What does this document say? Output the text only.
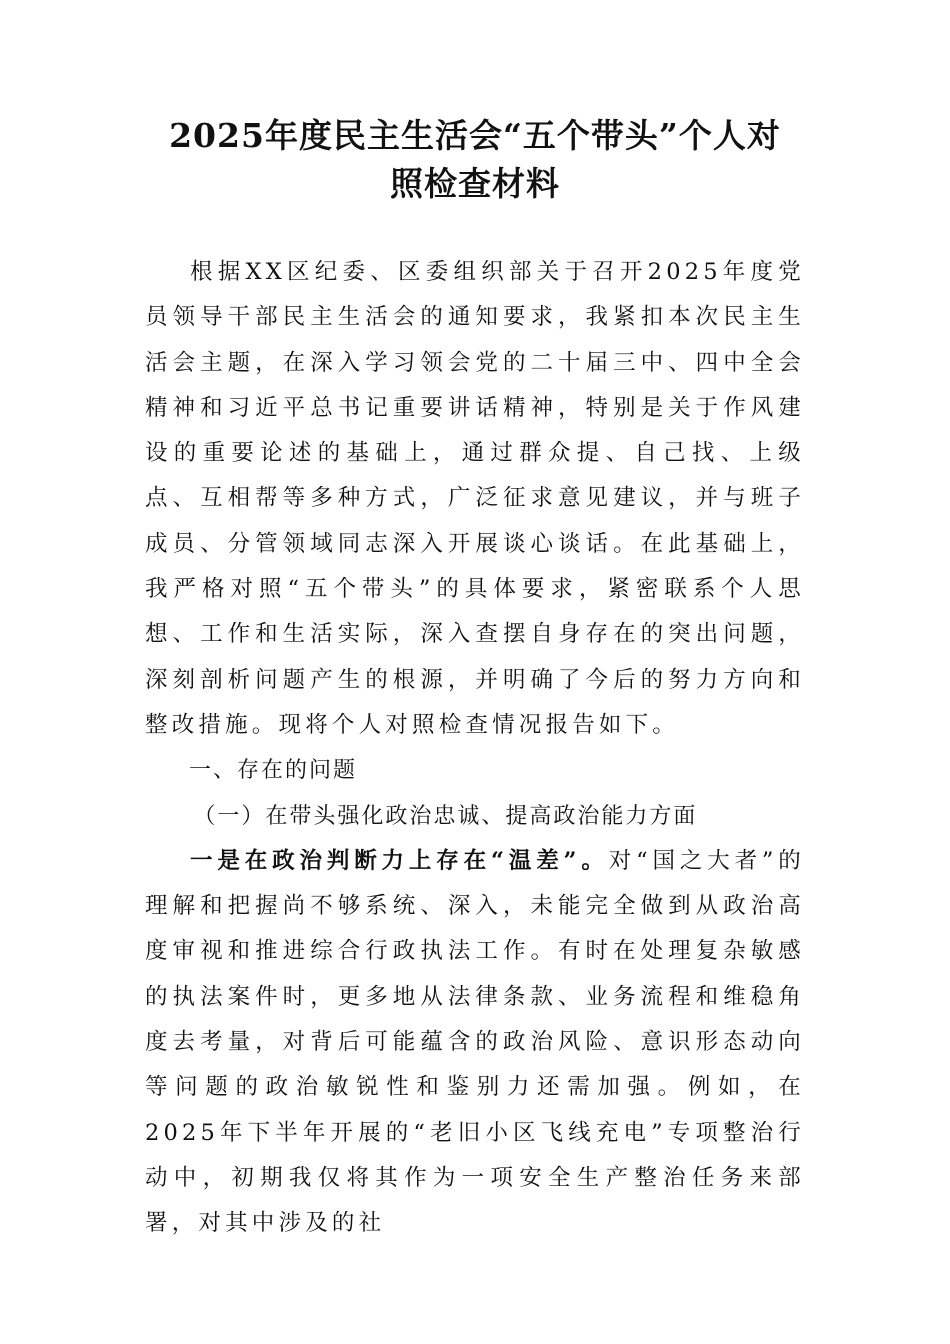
2025年度民主生活会“五个带头”个人对
照检查材料

根据XX区纪委、区委组织部关于召开2025年度党员领导干部民主生活会的通知要求，我紧扣本次民主生活会主题，在深入学习领会党的二十届三中、四中全会精神和习近平总书记重要讲话精神，特别是关于作风建设的重要论述的基础上，通过群众提、自己找、上级点、互相帮等多种方式，广泛征求意见建议，并与班子成员、分管领域同志深入开展谈心谈话。在此基础上，我严格对照“五个带头”的具体要求，紧密联系个人思想、工作和生活实际，深入查摆自身存在的突出问题，深刻剖析问题产生的根源，并明确了今后的努力方向和整改措施。现将个人对照检查情况报告如下。

一、存在的问题

（一）在带头强化政治忠诚、提高政治能力方面

一是在政治判断力上存在“温差”。对“国之大者”的理解和把握尚不够系统、深入，未能完全做到从政治高度审视和推进综合行政执法工作。有时在处理复杂敏感的执法案件时，更多地从法律条款、业务流程和维稳角度去考量，对背后可能蕴含的政治风险、意识形态动向等问题的政治敏锐性和鉴别力还需加强。例如，在2025年下半年开展的“老旧小区飞线充电”专项整治行动中，初期我仅将其作为一项安全生产整治任务来部署，对其中涉及的社
